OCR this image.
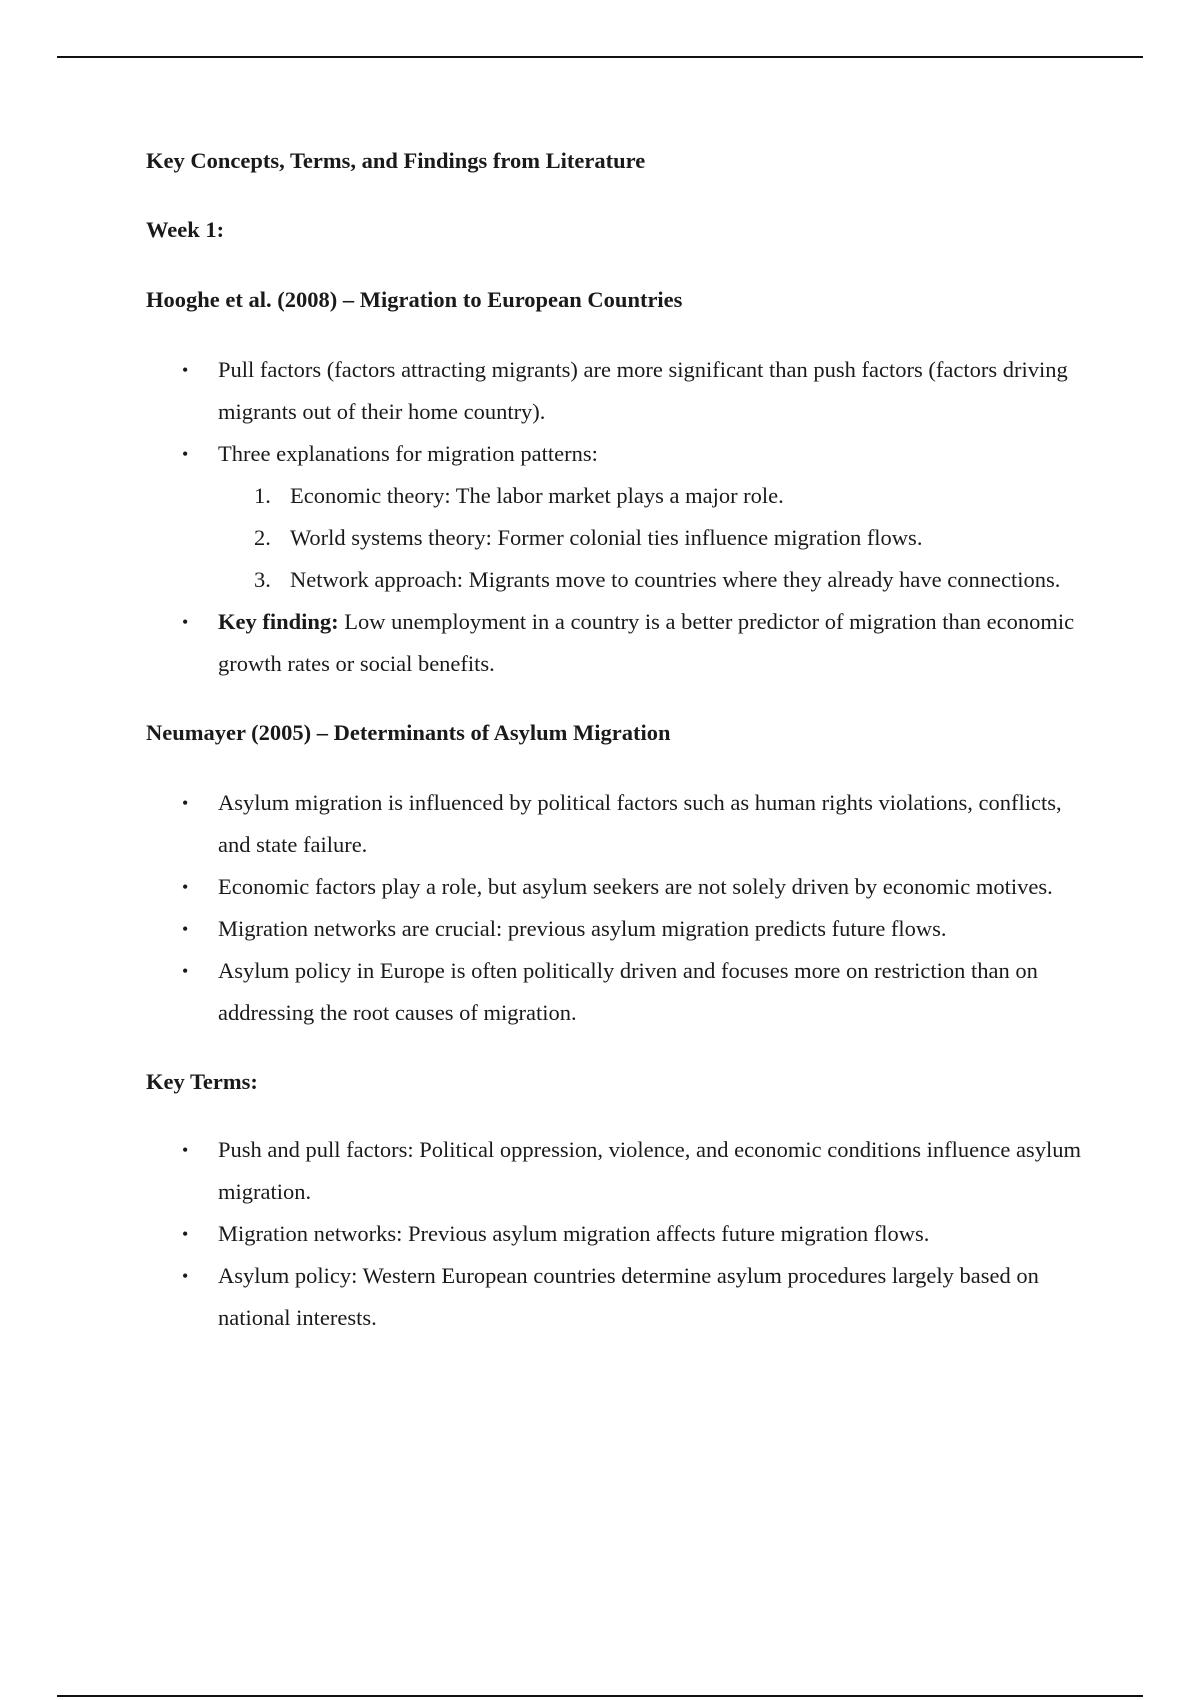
Key Concepts, Terms, and Findings from Literature

Week 1:

Hooghe et al. (2008) – Migration to European Countries

• Pull factors (factors attracting migrants) are more significant than push factors (factors driving migrants out of their home country).
• Three explanations for migration patterns:
1. Economic theory: The labor market plays a major role.
2. World systems theory: Former colonial ties influence migration flows.
3. Network approach: Migrants move to countries where they already have connections.
• Key finding: Low unemployment in a country is a better predictor of migration than economic growth rates or social benefits.

Neumayer (2005) – Determinants of Asylum Migration

• Asylum migration is influenced by political factors such as human rights violations, conflicts, and state failure.
• Economic factors play a role, but asylum seekers are not solely driven by economic motives.
• Migration networks are crucial: previous asylum migration predicts future flows.
• Asylum policy in Europe is often politically driven and focuses more on restriction than on addressing the root causes of migration.

Key Terms:

• Push and pull factors: Political oppression, violence, and economic conditions influence asylum migration.
• Migration networks: Previous asylum migration affects future migration flows.
• Asylum policy: Western European countries determine asylum procedures largely based on national interests.
